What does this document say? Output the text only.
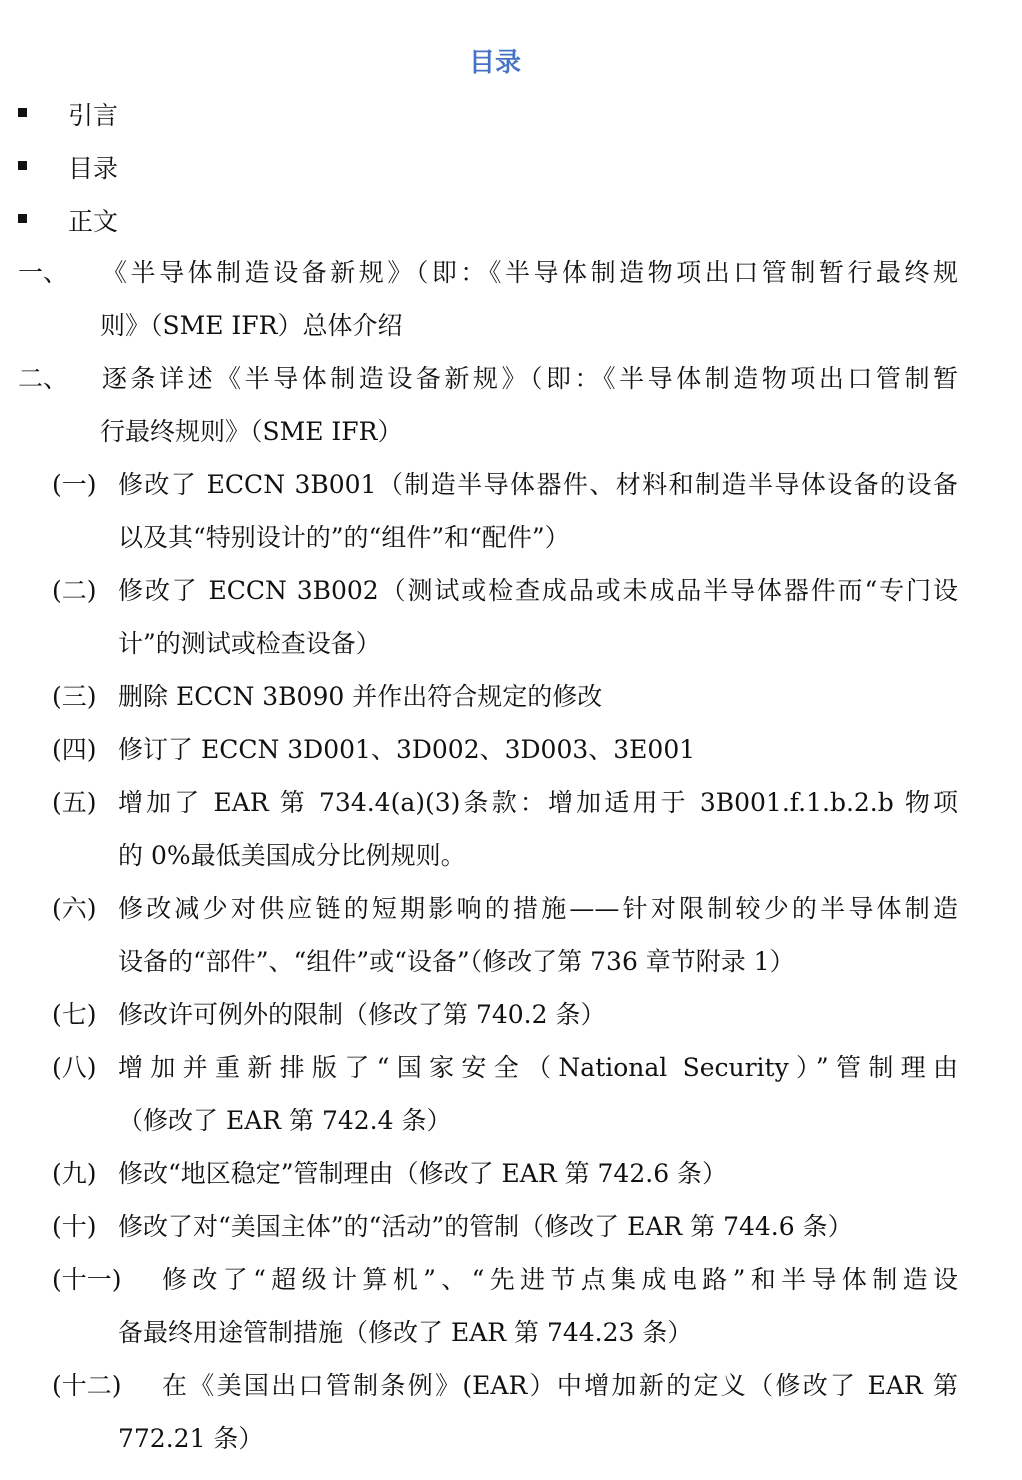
目录
引言
目录
正文
一、 《半导体制造设备新规》（即：《半导体制造物项出口管制暂行最终规
则》（SME IFR）总体介绍
二、 逐条详述《半导体制造设备新规》（即：《半导体制造物项出口管制暂
行最终规则》（SME IFR）
(一) 修改了 ECCN 3B001（制造半导体器件、材料和制造半导体设备的设备
以及其“特别设计的”的“组件”和“配件”）
(二) 修改了 ECCN 3B002（测试或检查成品或未成品半导体器件而“专门设
计”的测试或检查设备）
(三) 删除 ECCN 3B090 并作出符合规定的修改
(四) 修订了 ECCN 3D001、3D002、3D003、3E001
(五) 增加了 EAR 第 734.4(a)(3)条款：增加适用于 3B001.f.1.b.2.b 物项
的 0%最低美国成分比例规则。
(六) 修改减少对供应链的短期影响的措施——针对限制较少的半导体制造
设备的“部件”、“组件”或“设备”（修改了第 736 章节附录 1）
(七) 修改许可例外的限制（修改了第 740.2 条）
(八) 增加并重新排版了“国家安全（National Security）”管制理由
（修改了 EAR 第 742.4 条）
(九) 修改“地区稳定”管制理由（修改了 EAR 第 742.6 条）
(十) 修改了对“美国主体”的“活动”的管制（修改了 EAR 第 744.6 条）
(十一) 修改了“超级计算机”、“先进节点集成电路”和半导体制造设
备最终用途管制措施（修改了 EAR 第 744.23 条）
(十二) 在《美国出口管制条例》(EAR）中增加新的定义（修改了 EAR 第
772.21 条）
